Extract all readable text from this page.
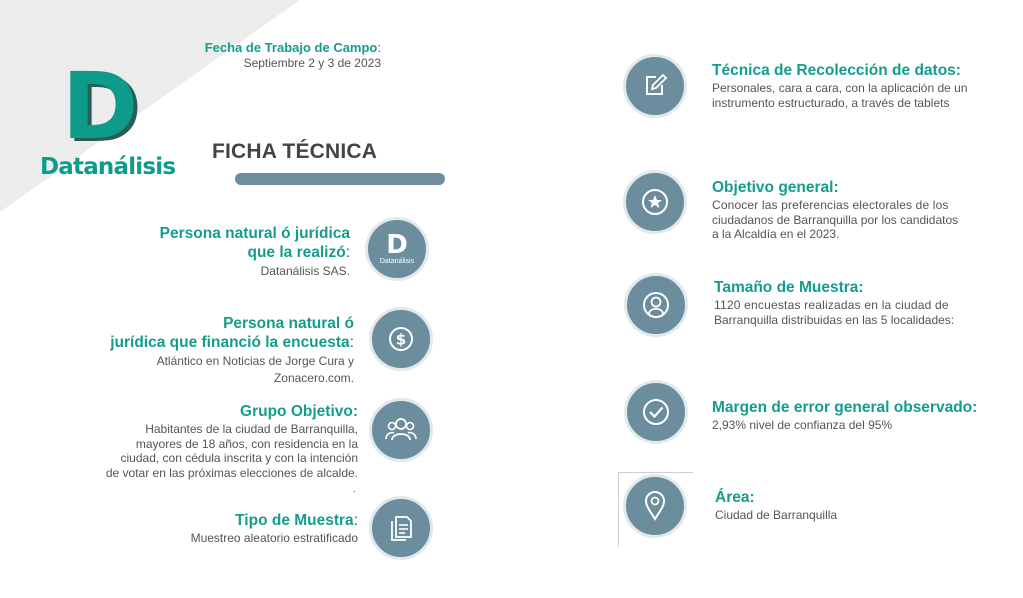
D
Datanálisis
Fecha de Trabajo de Campo:
Septiembre 2 y 3 de 2023
FICHA TÉCNICA
Persona natural ó jurídica
que la realizó:
Datanálisis SAS.
D
Datanálisis
Persona natural ó
jurídica que financió la encuesta:
Atlántico en Noticias de Jorge Cura y
Zonacero.com.
$
Grupo Objetivo:
Habitantes de la ciudad de Barranquilla,
mayores de 18 años, con residencia en la
ciudad, con cédula inscrita y con la intención
de votar en las próximas elecciones de alcalde.
.
Tipo de Muestra:
Muestreo aleatorio estratificado
Técnica de Recolección de datos:
Personales, cara a cara, con la aplicación de un
instrumento estructurado, a través de tablets
Objetivo general:
Conocer las preferencias electorales de los
ciudadanos de Barranquilla por los candidatos
a la Alcaldía en el 2023.
Tamaño de Muestra:
1120 encuestas realizadas en la ciudad de
Barranquilla distribuidas en las 5 localidades:
Margen de error general observado:
2,93% nivel de confianza del 95%
Área:
Ciudad de Barranquilla
